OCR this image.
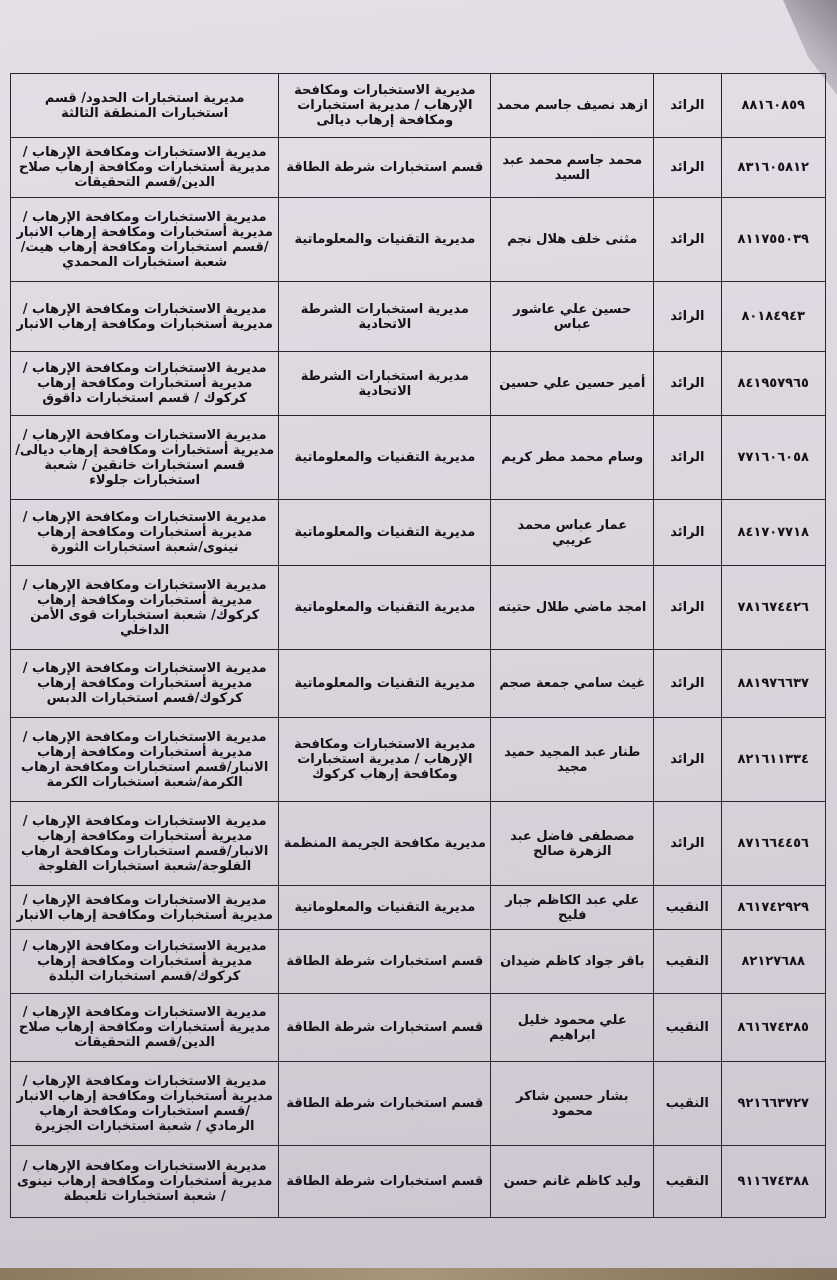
٨٨١٦٠٨٥٩	الرائد	ازهد نصيف جاسم محمد	مديرية الاستخبارات ومكافحة الإرهاب / مديرية استخبارات ومكافحة إرهاب ديالى	مديرية استخبارات الحدود/ قسم استخبارات المنطقة الثالثة
٨٣١٦٠٥٨١٢	الرائد	محمد جاسم محمد عبد السيد	قسم استخبارات شرطة الطاقة	مديرية الاستخبارات ومكافحة الإرهاب / مديرية أستخبارات ومكافحة إرهاب صلاح الدين/قسم التحقيقات
٨١١٧٥٥٠٣٩	الرائد	مثنى خلف هلال نجم	مديرية التقنيات والمعلوماتية	مديرية الاستخبارات ومكافحة الإرهاب / مديرية أستخبارات ومكافحة إرهاب الانبار /قسم استخبارات ومكافحة إرهاب هيت/شعبة استخبارات المحمدي
٨٠١٨٤٩٤٣	الرائد	حسين علي عاشور عباس	مديرية استخبارات الشرطة الاتحادية	مديرية الاستخبارات ومكافحة الإرهاب / مديرية أستخبارات ومكافحة إرهاب الانبار
٨٤١٩٥٧٩٦٥	الرائد	أمير حسين علي حسين	مديرية استخبارات الشرطة الاتحادية	مديرية الاستخبارات ومكافحة الإرهاب / مديرية أستخبارات ومكافحة إرهاب كركوك / قسم استخبارات داقوق
٧٧١٦٠٦٠٥٨	الرائد	وسام محمد مطر كريم	مديرية التقنيات والمعلوماتية	مديرية الاستخبارات ومكافحة الإرهاب / مديرية أستخبارات ومكافحة إرهاب ديالى/قسم استخبارات خانقين / شعبة استخبارات جلولاء
٨٤١٧٠٧٧١٨	الرائد	عمار عباس محمد عريبي	مديرية التقنيات والمعلوماتية	مديرية الاستخبارات ومكافحة الإرهاب / مديرية أستخبارات ومكافحة إرهاب نينوى/شعبة استخبارات الثورة
٧٨١٦٧٤٤٢٦	الرائد	امجد ماضي طلال حتيته	مديرية التقنيات والمعلوماتية	مديرية الاستخبارات ومكافحة الإرهاب / مديرية أستخبارات ومكافحة إرهاب كركوك/ شعبة استخبارات قوى الأمن الداخلي
٨٨١٩٧٦٦٣٧	الرائد	غيث سامي جمعة صجم	مديرية التقنيات والمعلوماتية	مديرية الاستخبارات ومكافحة الإرهاب / مديرية أستخبارات ومكافحة إرهاب كركوك/قسم استخبارات الدبس
٨٢١٦١١٣٣٤	الرائد	طنار عبد المجيد حميد مجيد	مديرية الاستخبارات ومكافحة الإرهاب / مديرية استخبارات ومكافحة إرهاب كركوك	مديرية الاستخبارات ومكافحة الإرهاب / مديرية أستخبارات ومكافحة إرهاب الانبار/قسم استخبارات ومكافحة ارهاب الكرمة/شعبة استخبارات الكرمة
٨٧١٦٦٤٤٥٦	الرائد	مصطفى فاضل عبد الزهرة صالح	مديرية مكافحة الجريمة المنظمة	مديرية الاستخبارات ومكافحة الإرهاب / مديرية أستخبارات ومكافحة إرهاب الانبار/قسم استخبارات ومكافحة ارهاب الفلوجة/شعبة استخبارات الفلوجة
٨٦١٧٤٢٩٢٩	النقيب	علي عبد الكاظم جبار فليح	مديرية التقنيات والمعلوماتية	مديرية الاستخبارات ومكافحة الإرهاب / مديرية أستخبارات ومكافحة إرهاب الانبار
٨٢١٢٧٦٨٨	النقيب	باقر جواد كاظم ضيدان	قسم استخبارات شرطة الطاقة	مديرية الاستخبارات ومكافحة الإرهاب / مديرية أستخبارات ومكافحة إرهاب كركوك/قسم استخبارات البلدة
٨٦١٦٧٤٣٨٥	النقيب	علي محمود خليل ابراهيم	قسم استخبارات شرطة الطاقة	مديرية الاستخبارات ومكافحة الإرهاب / مديرية أستخبارات ومكافحة إرهاب صلاح الدين/قسم التحقيقات
٩٢١٦٦٣٧٢٧	النقيب	بشار حسين شاكر محمود	قسم استخبارات شرطة الطاقة	مديرية الاستخبارات ومكافحة الإرهاب / مديرية أستخبارات ومكافحة إرهاب الانبار /قسم استخبارات ومكافحة ارهاب الرمادي / شعبة استخبارات الجزيرة
٩١١٦٧٤٣٨٨	النقيب	وليد كاظم غانم حسن	قسم استخبارات شرطة الطاقة	مديرية الاستخبارات ومكافحة الإرهاب / مديرية أستخبارات ومكافحة إرهاب نينوى / شعبة استخبارات تلعبطة
